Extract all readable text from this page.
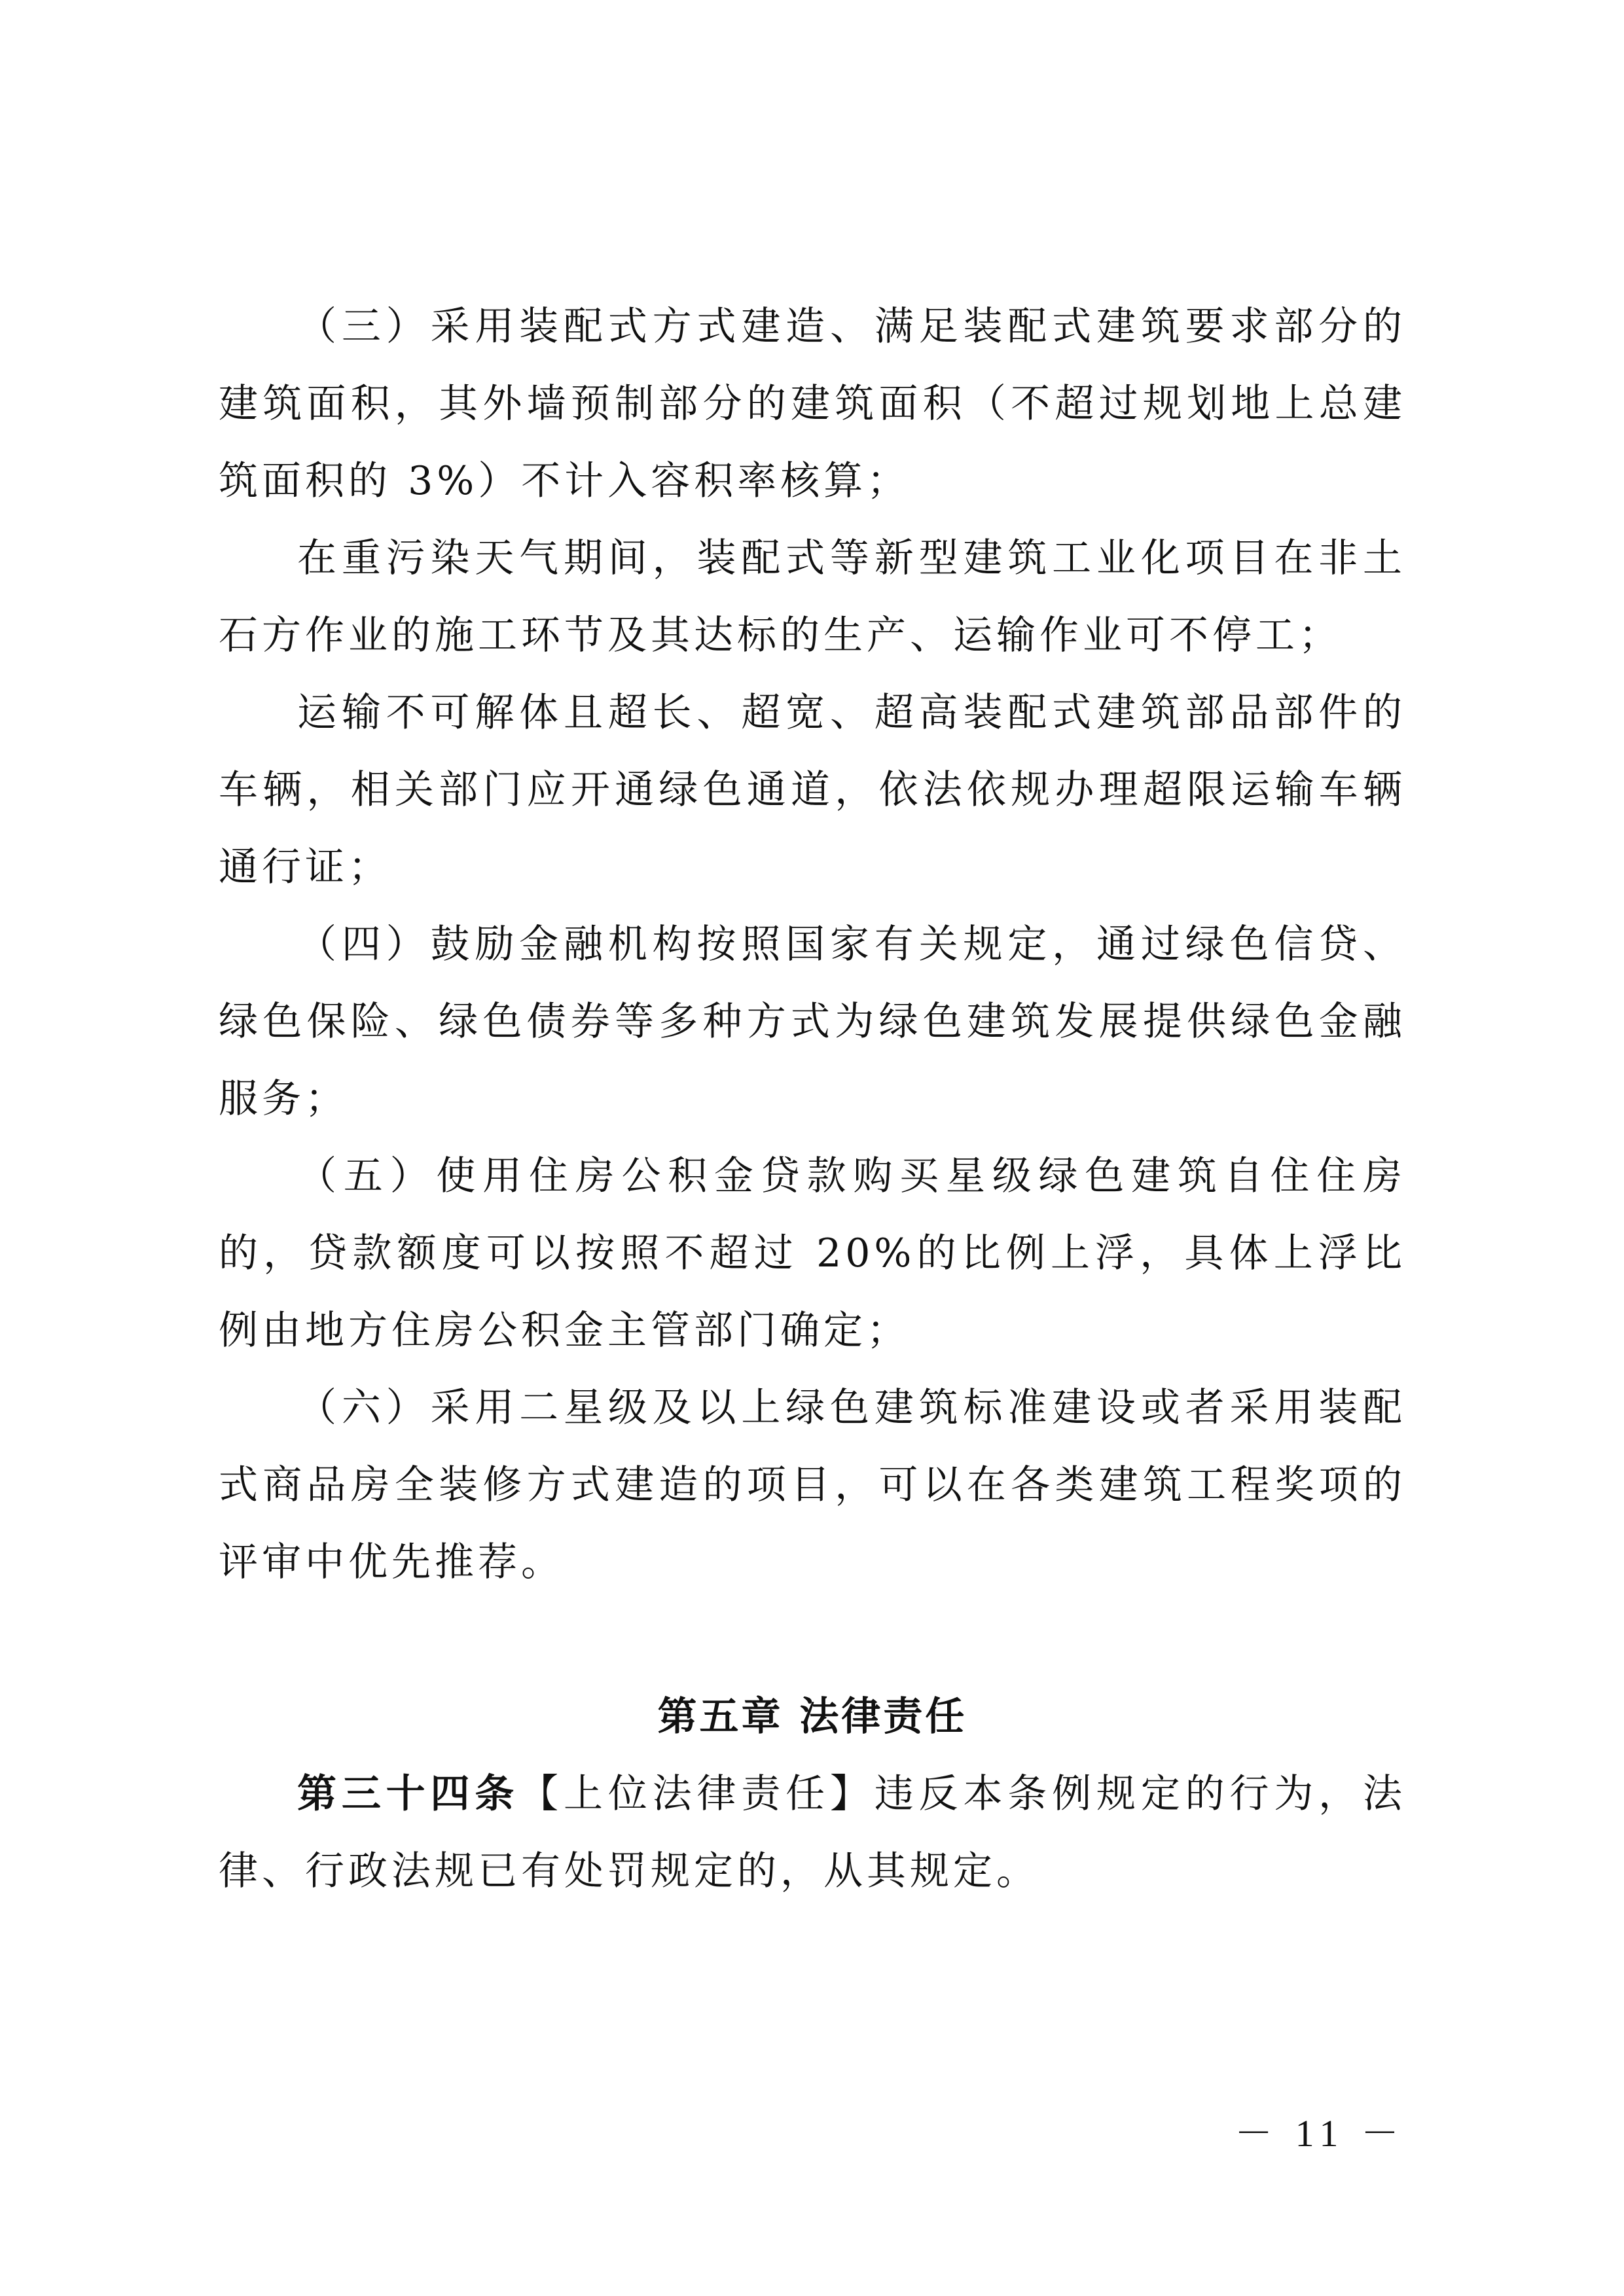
（三）采用装配式方式建造、满足装配式建筑要求部分的建筑面积，其外墙预制部分的建筑面积（不超过规划地上总建筑面积的 3%）不计入容积率核算；

在重污染天气期间，装配式等新型建筑工业化项目在非土石方作业的施工环节及其达标的生产、运输作业可不停工；

运输不可解体且超长、超宽、超高装配式建筑部品部件的车辆，相关部门应开通绿色通道，依法依规办理超限运输车辆通行证；

（四）鼓励金融机构按照国家有关规定，通过绿色信贷、绿色保险、绿色债券等多种方式为绿色建筑发展提供绿色金融服务；

（五）使用住房公积金贷款购买星级绿色建筑自住住房的，贷款额度可以按照不超过 20%的比例上浮，具体上浮比例由地方住房公积金主管部门确定；

（六）采用二星级及以上绿色建筑标准建设或者采用装配式商品房全装修方式建造的项目，可以在各类建筑工程奖项的评审中优先推荐。

第五章 法律责任

第三十四条【上位法律责任】违反本条例规定的行为，法律、行政法规已有处罚规定的，从其规定。

－ 11 －
